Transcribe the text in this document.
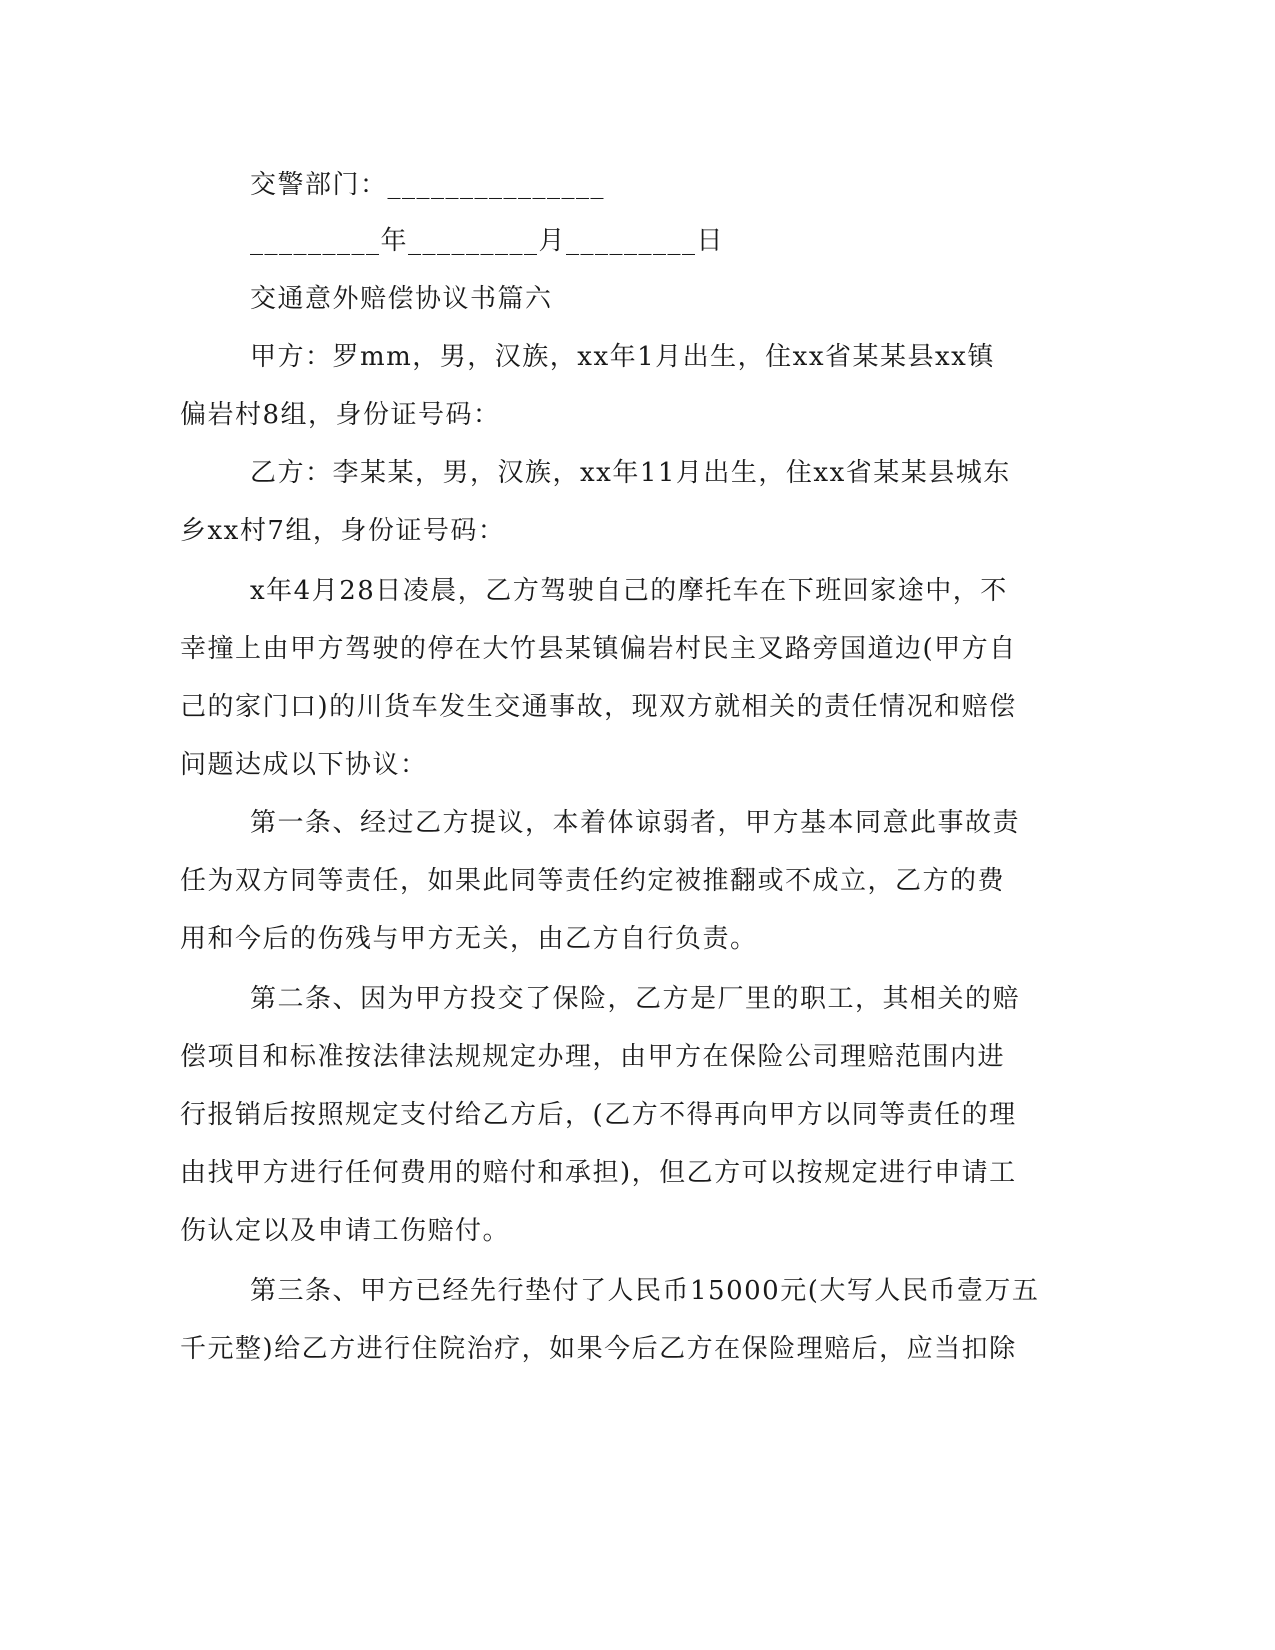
交警部门：_______________
_________年_________月_________日
交通意外赔偿协议书篇六
甲方：罗mm，男，汉族，xx年1月出生，住xx省某某县xx镇
偏岩村8组，身份证号码：
乙方：李某某，男，汉族，xx年11月出生，住xx省某某县城东
乡xx村7组，身份证号码：
x年4月28日凌晨，乙方驾驶自己的摩托车在下班回家途中，不
幸撞上由甲方驾驶的停在大竹县某镇偏岩村民主叉路旁国道边(甲方自
己的家门口)的川货车发生交通事故，现双方就相关的责任情况和赔偿
问题达成以下协议：
第一条、经过乙方提议，本着体谅弱者，甲方基本同意此事故责
任为双方同等责任，如果此同等责任约定被推翻或不成立，乙方的费
用和今后的伤残与甲方无关，由乙方自行负责。
第二条、因为甲方投交了保险，乙方是厂里的职工，其相关的赔
偿项目和标准按法律法规规定办理，由甲方在保险公司理赔范围内进
行报销后按照规定支付给乙方后，(乙方不得再向甲方以同等责任的理
由找甲方进行任何费用的赔付和承担)，但乙方可以按规定进行申请工
伤认定以及申请工伤赔付。
第三条、甲方已经先行垫付了人民币15000元(大写人民币壹万五
千元整)给乙方进行住院治疗，如果今后乙方在保险理赔后，应当扣除
